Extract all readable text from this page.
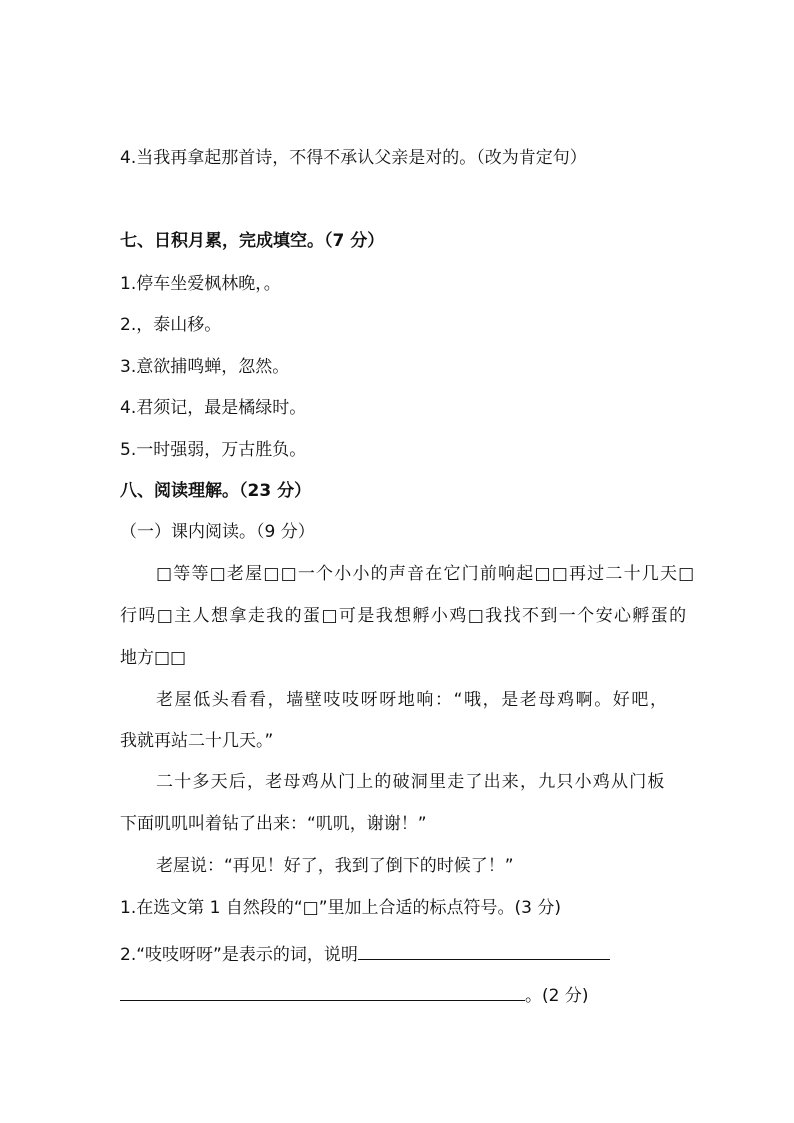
4.当我再拿起那首诗，不得不承认父亲是对的。（改为肯定句）
七、日积月累，完成填空。（7 分）
1.停车坐爱枫林晚，。
2.，泰山移。
3.意欲捕鸣蝉，忽然。
4.君须记，最是橘绿时。
5.一时强弱，万古胜负。
八、阅读理解。（23 分）
（一）课内阅读。（9 分）
□等等□老屋□□一个小小的声音在它门前响起□□再过二十几天□
行吗□主人想拿走我的蛋□可是我想孵小鸡□我找不到一个安心孵蛋的
地方□□
老屋低头看看，墙壁吱吱呀呀地响：“哦，是老母鸡啊。好吧，
我就再站二十几天。”
二十多天后，老母鸡从门上的破洞里走了出来，九只小鸡从门板
下面叽叽叫着钻了出来：“叽叽，谢谢！”
老屋说：“再见！好了，我到了倒下的时候了！”
1.在选文第 1 自然段的“□”里加上合适的标点符号。(3 分)
2.“吱吱呀呀”是表示的词，说明
。(2 分)
